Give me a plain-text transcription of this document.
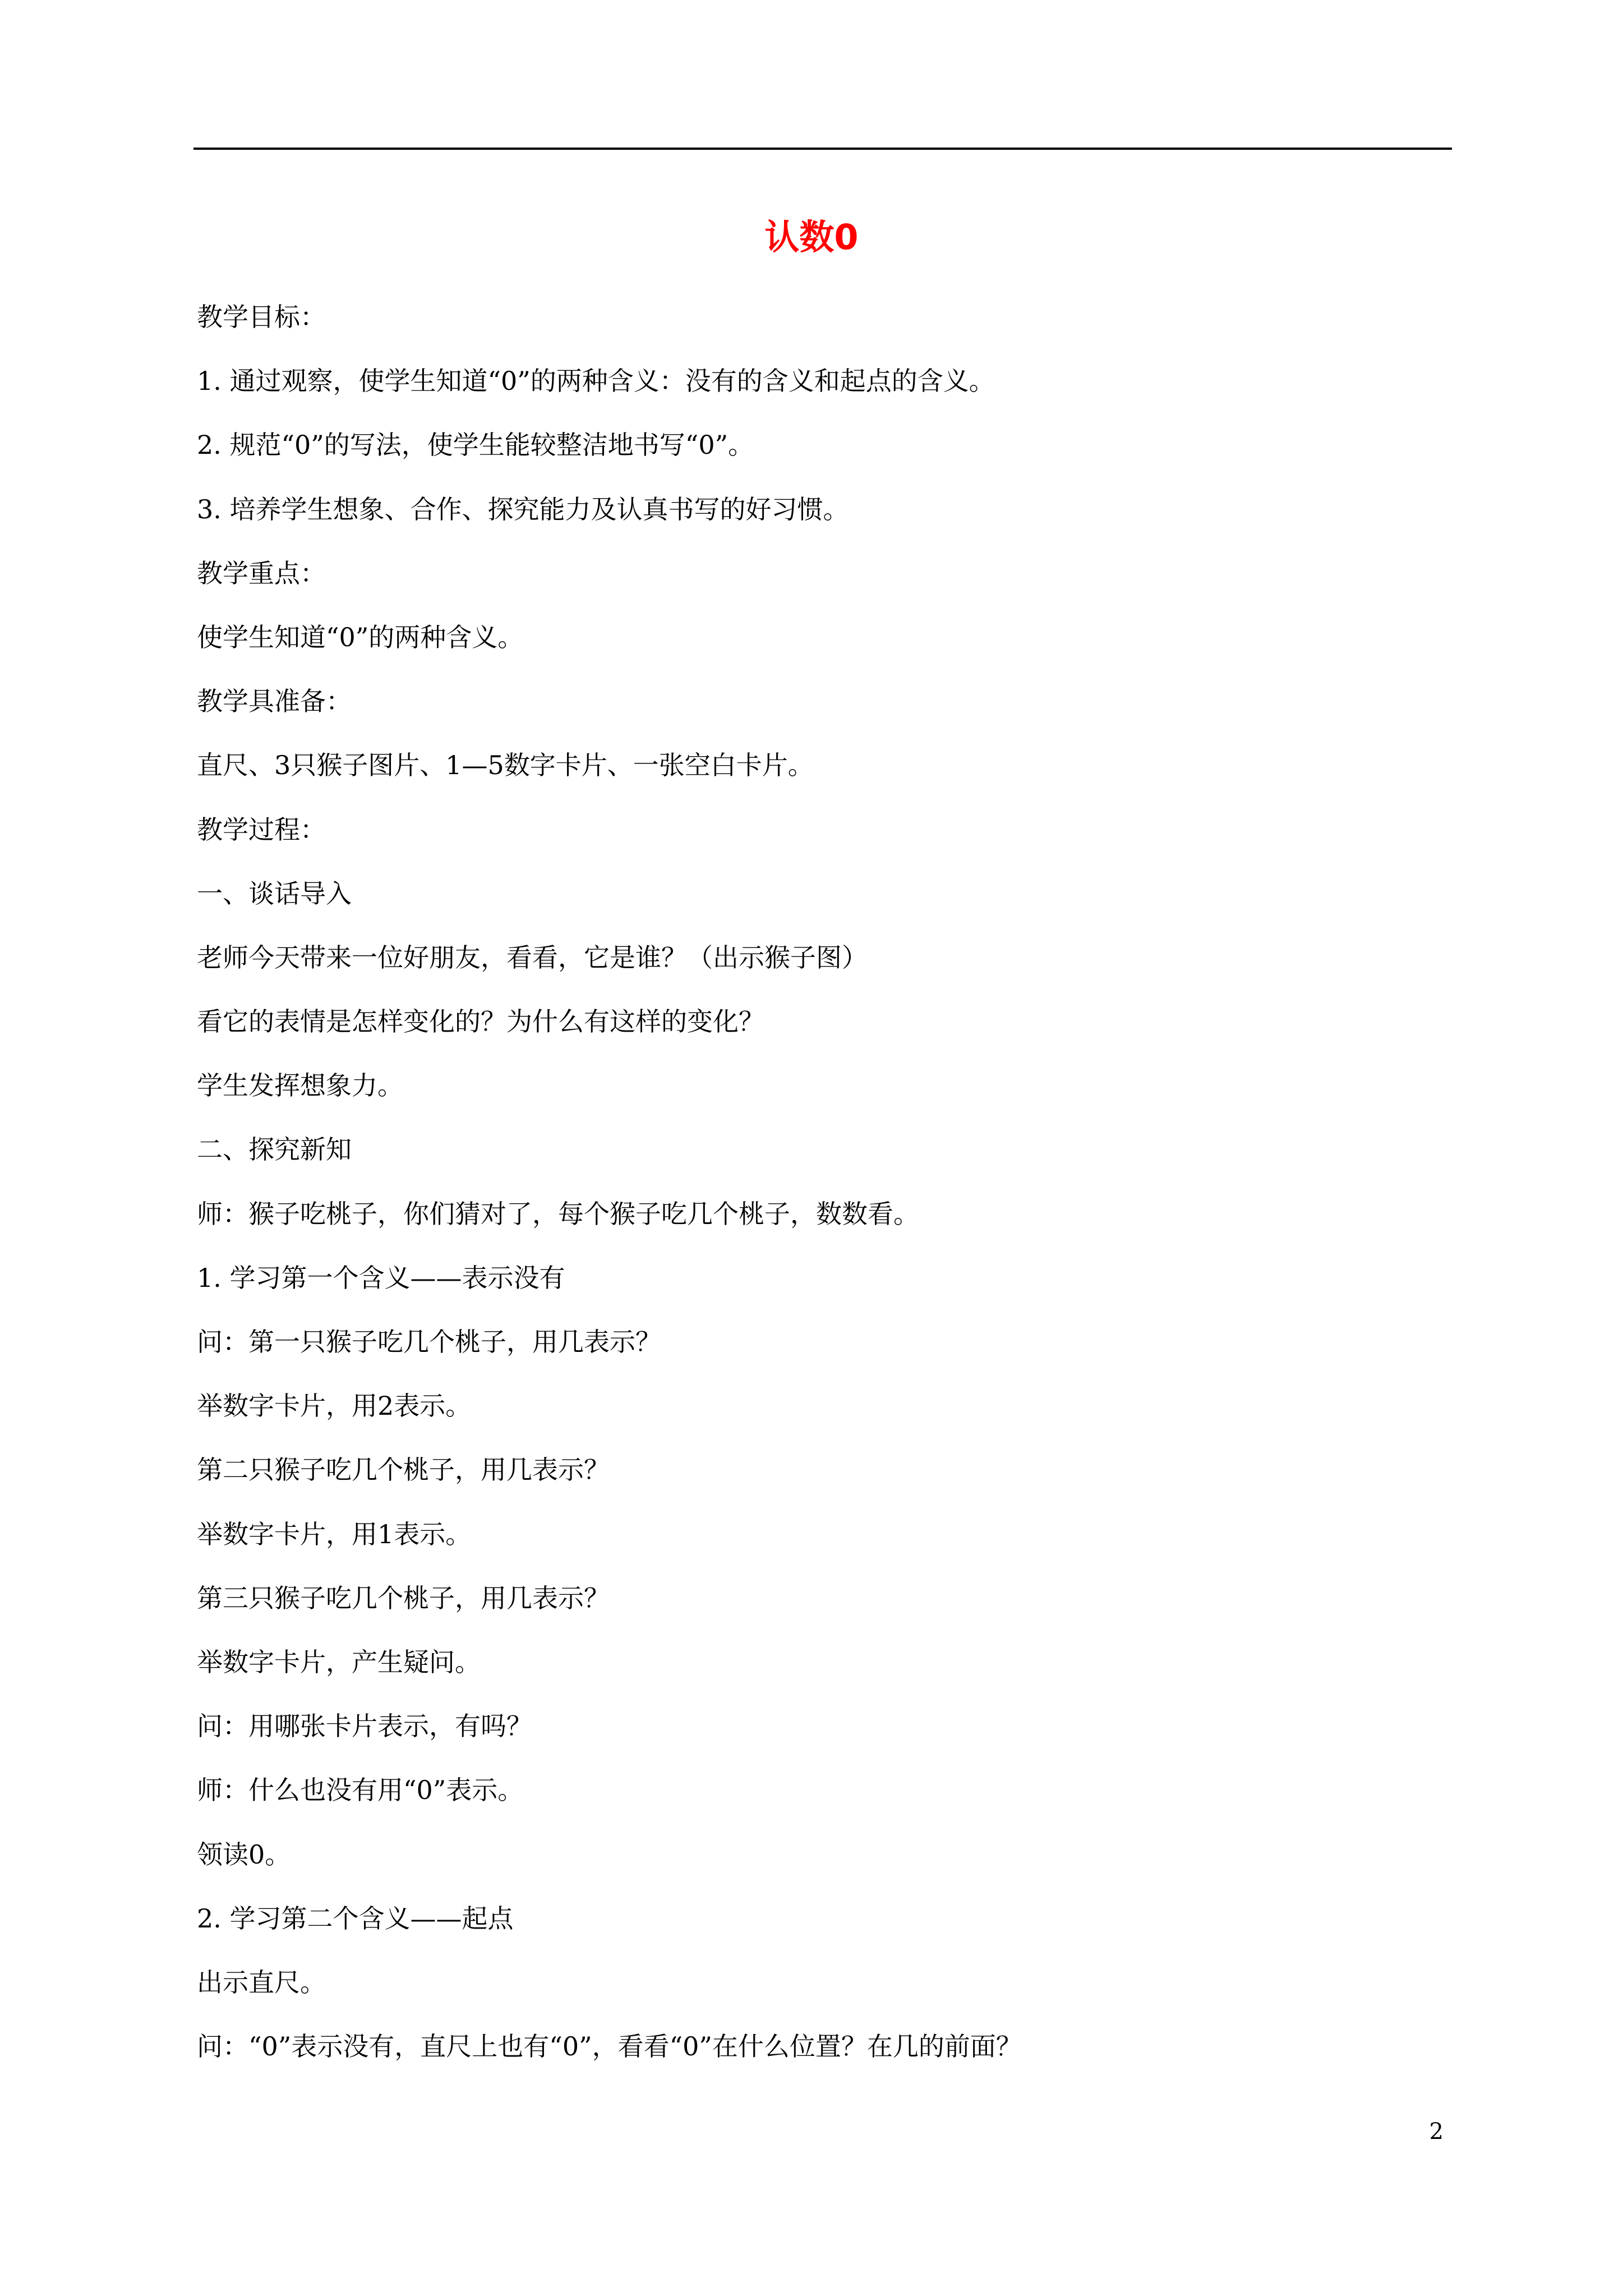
认数0
教学目标：
1. 通过观察，使学生知道“0”的两种含义：没有的含义和起点的含义。
2. 规范“0”的写法，使学生能较整洁地书写“0”。
3. 培养学生想象、合作、探究能力及认真书写的好习惯。
教学重点：
使学生知道“0”的两种含义。
教学具准备：
直尺、3只猴子图片、1—5数字卡片、一张空白卡片。
教学过程：
一、谈话导入
老师今天带来一位好朋友，看看，它是谁？（出示猴子图）
看它的表情是怎样变化的？为什么有这样的变化？
学生发挥想象力。
二、探究新知
师：猴子吃桃子，你们猜对了，每个猴子吃几个桃子，数数看。
1. 学习第一个含义——表示没有
问：第一只猴子吃几个桃子，用几表示？
举数字卡片，用2表示。
第二只猴子吃几个桃子，用几表示？
举数字卡片，用1表示。
第三只猴子吃几个桃子，用几表示？
举数字卡片，产生疑问。
问：用哪张卡片表示，有吗？
师：什么也没有用“0”表示。
领读0。
2. 学习第二个含义——起点
出示直尺。
问：“0”表示没有，直尺上也有“0”，看看“0”在什么位置？在几的前面？
2
